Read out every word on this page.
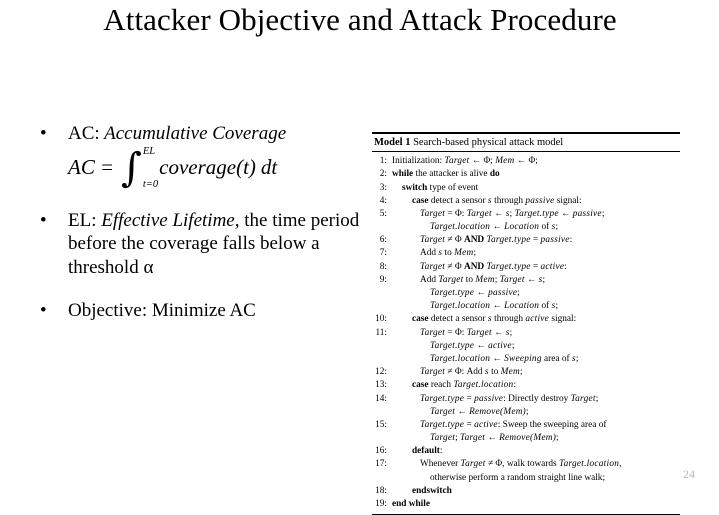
Attacker Objective and Attack Procedure
• AC: Accumulative Coverage
AC = ∫ EL
t=0
coverage(t) dt
• EL: Effective Lifetime, the time period before the coverage falls below a threshold α
• Objective: Minimize AC
Model 1 Search-based physical attack model
1: Initialization: Target ← Φ; Mem ← Φ;
2: while the attacker is alive do
3:	switch type of event
4:	case detect a sensor s through passive signal:
5:	Target = Φ: Target ← s; Target.type ← passive;
Target.location ← Location of s;
6:	Target ≠ Φ AND Target.type = passive:
7:	Add s to Mem;
8:	Target ≠ Φ AND Target.type = active:
9:	Add Target to Mem; Target ← s;
Target.type ← passive;
Target.location ← Location of s;
10:	case detect a sensor s through active signal:
11:	Target = Φ: Target ← s;
Target.type ← active;
Target.location ← Sweeping area of s;
12:	Target ≠ Φ: Add s to Mem;
13:	case reach Target.location:
14:	Target.type = passive: Directly destroy Target;
Target ← Remove(Mem);
15:	Target.type = active: Sweep the sweeping area of
Target; Target ← Remove(Mem);
16:	default:
17:	Whenever Target ≠ Φ, walk towards Target.location,
otherwise perform a random straight line walk;
18:	endswitch
19: end while
24
